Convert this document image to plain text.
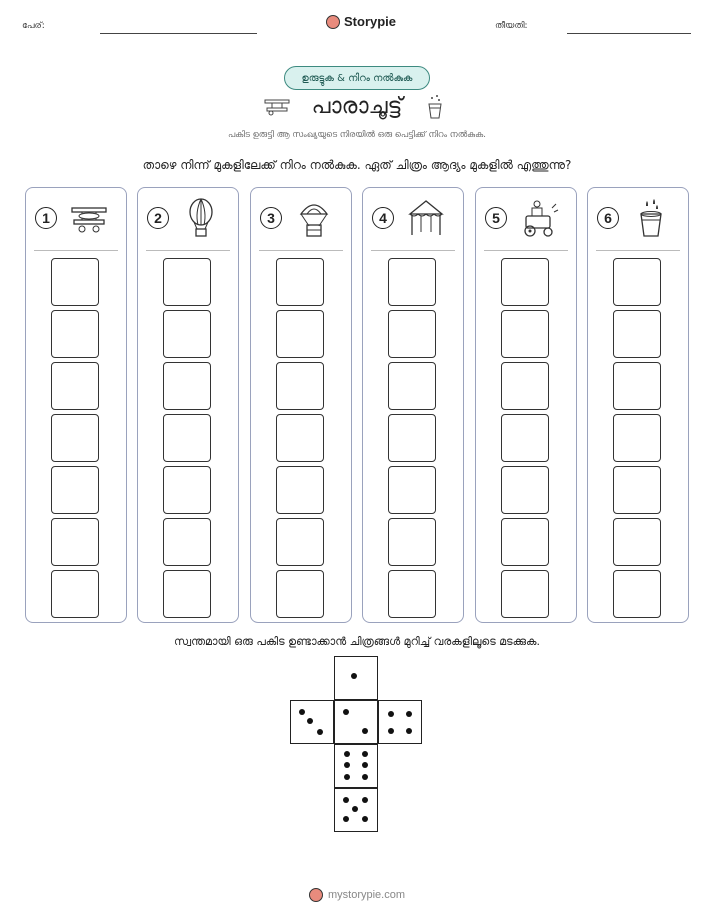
പേര്:	Storypie	തീയതി:
ഉരുട്ടുക & നിറം നൽകുക
പാരാചൂട്ട്
പകിട ഉരുട്ടി ആ സംഖ്യയുടെ നിരയിൽ ഒരു പെട്ടിക്ക് നിറം നൽകുക.
താഴെ നിന്ന് മുകളിലേക്ക് നിറം നൽകുക. ഏത് ചിത്രം ആദ്യം മുകളിൽ എത്തുന്നു?
1	2	3	4	5	6
സ്വന്തമായി ഒരു പകിട ഉണ്ടാക്കാൻ ചിത്രങ്ങൾ മുറിച്ച് വരകളിലൂടെ മടക്കുക.
mystorypie.com
